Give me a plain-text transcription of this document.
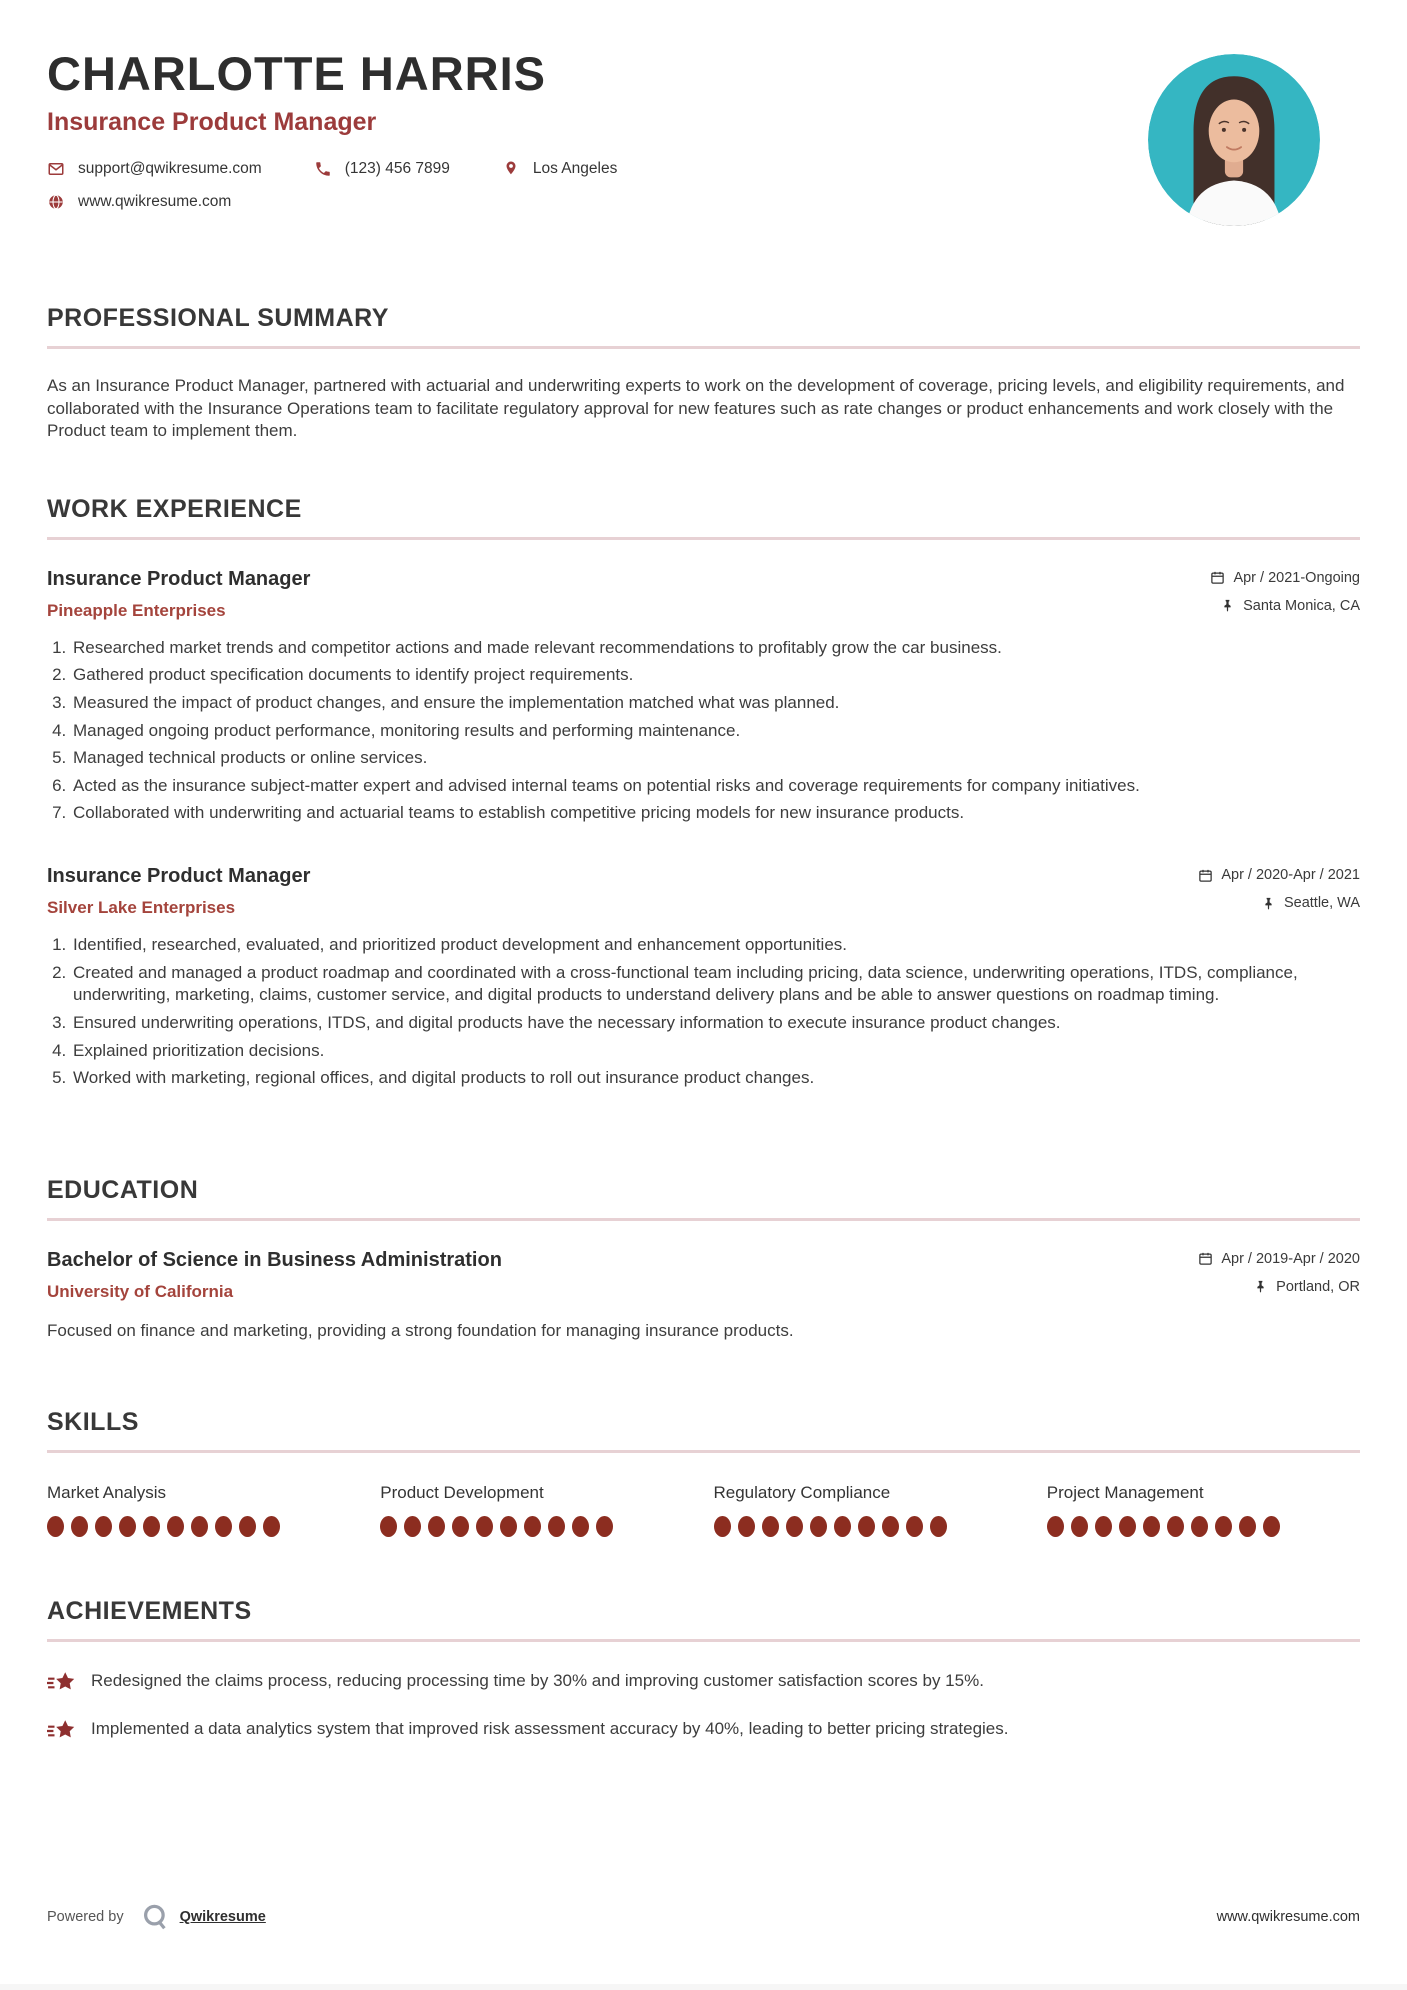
CHARLOTTE HARRIS
Insurance Product Manager
support@qwikresume.com	(123) 456 7899	Los Angeles
www.qwikresume.com
PROFESSIONAL SUMMARY

As an Insurance Product Manager, partnered with actuarial and underwriting experts to work on the development of coverage, pricing levels, and eligibility requirements, and collaborated with the Insurance Operations team to facilitate regulatory approval for new features such as rate changes or product enhancements and work closely with the Product team to implement them.

WORK EXPERIENCE
Insurance Product Manager
Pineapple Enterprises
Apr / 2021-Ongoing
Santa Monica, CA
1. Researched market trends and competitor actions and made relevant recommendations to profitably grow the car business.
2. Gathered product specification documents to identify project requirements.
3. Measured the impact of product changes, and ensure the implementation matched what was planned.
4. Managed ongoing product performance, monitoring results and performing maintenance.
5. Managed technical products or online services.
6. Acted as the insurance subject-matter expert and advised internal teams on potential risks and coverage requirements for company initiatives.
7. Collaborated with underwriting and actuarial teams to establish competitive pricing models for new insurance products.
Insurance Product Manager
Silver Lake Enterprises
Apr / 2020-Apr / 2021
Seattle, WA
1. Identified, researched, evaluated, and prioritized product development and enhancement opportunities.
2. Created and managed a product roadmap and coordinated with a cross-functional team including pricing, data science, underwriting operations, ITDS, compliance, underwriting, marketing, claims, customer service, and digital products to understand delivery plans and be able to answer questions on roadmap timing.
3. Ensured underwriting operations, ITDS, and digital products have the necessary information to execute insurance product changes.
4. Explained prioritization decisions.
5. Worked with marketing, regional offices, and digital products to roll out insurance product changes.
EDUCATION
Bachelor of Science in Business Administration
University of California
Apr / 2019-Apr / 2020
Portland, OR

Focused on finance and marketing, providing a strong foundation for managing insurance products.

SKILLS
Market Analysis	Product Development	Regulatory Compliance	Project Management
ACHIEVEMENTS
Redesigned the claims process, reducing processing time by 30% and improving customer satisfaction scores by 15%.
Implemented a data analytics system that improved risk assessment accuracy by 40%, leading to better pricing strategies.
Powered by	Qwikresume	www.qwikresume.com
